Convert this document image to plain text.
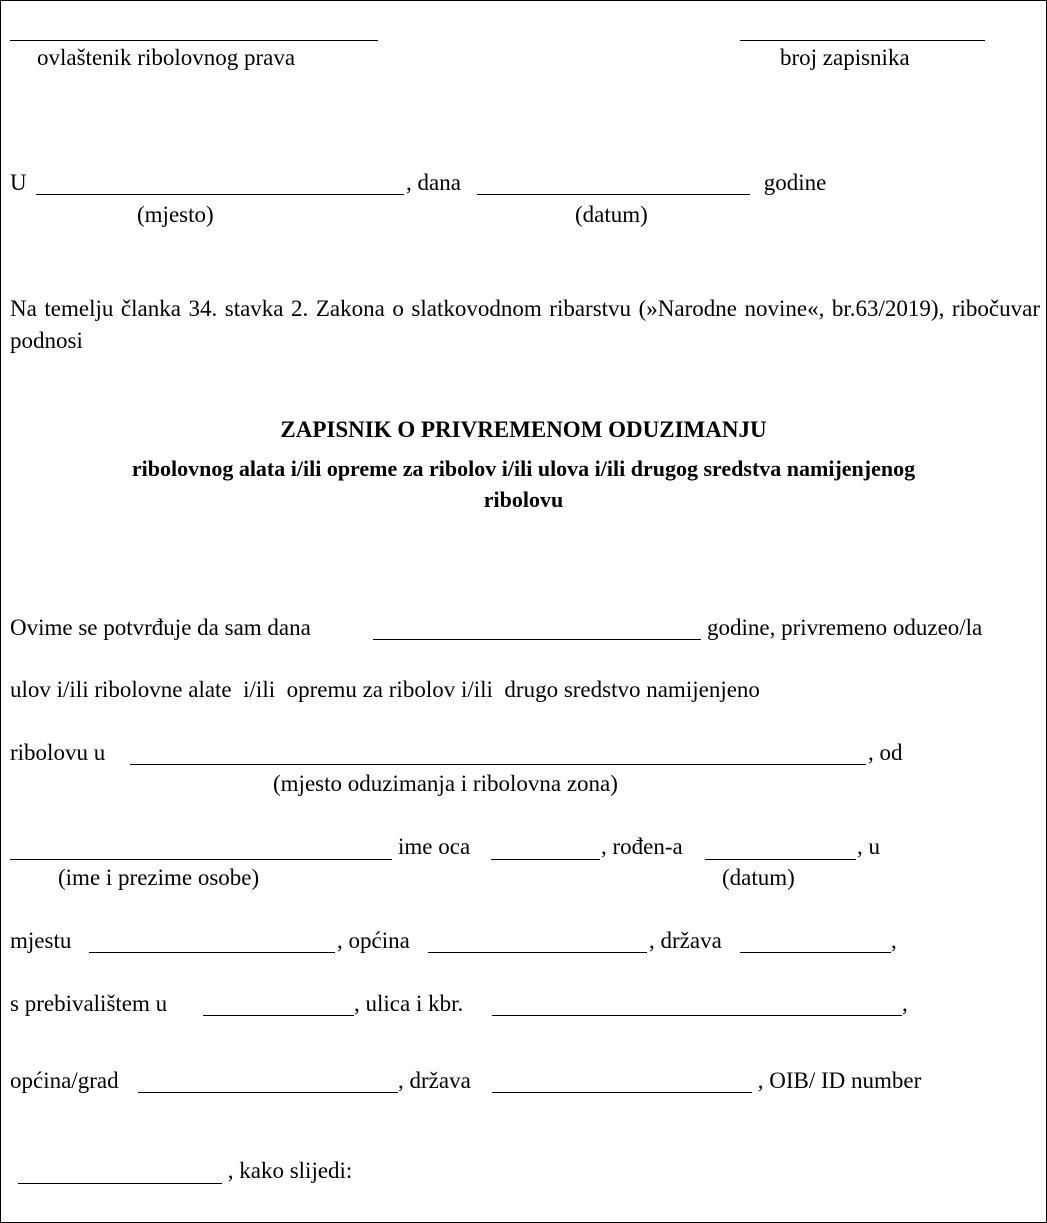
ovlaštenik ribolovnog prava	broj zapisnika
U	, dana	godine
(mjesto)	(datum)
Na temelju članka 34. stavka 2. Zakona o slatkovodnom ribarstvu (»Narodne novine«, br.63/2019), ribočuvar podnosi
ZAPISNIK O PRIVREMENOM ODUZIMANJU
ribolovnog alata i/ili opreme za ribolov i/ili ulova i/ili drugog sredstva namijenjenog
ribolovu
Ovime se potvrđuje da sam dana	godine, privremeno oduzeo/la
ulov i/ili ribolovne alate  i/ili  opremu za ribolov i/ili  drugo sredstvo namijenjeno
ribolovu u	, od
(mjesto oduzimanja i ribolovna zona)
ime oca	, rođen-a	, u
(ime i prezime osobe)	(datum)
mjestu	, općina	, država	,
s prebivalištem u	, ulica i kbr.	,
općina/grad	, država	, OIB/ ID number
, kako slijedi:
